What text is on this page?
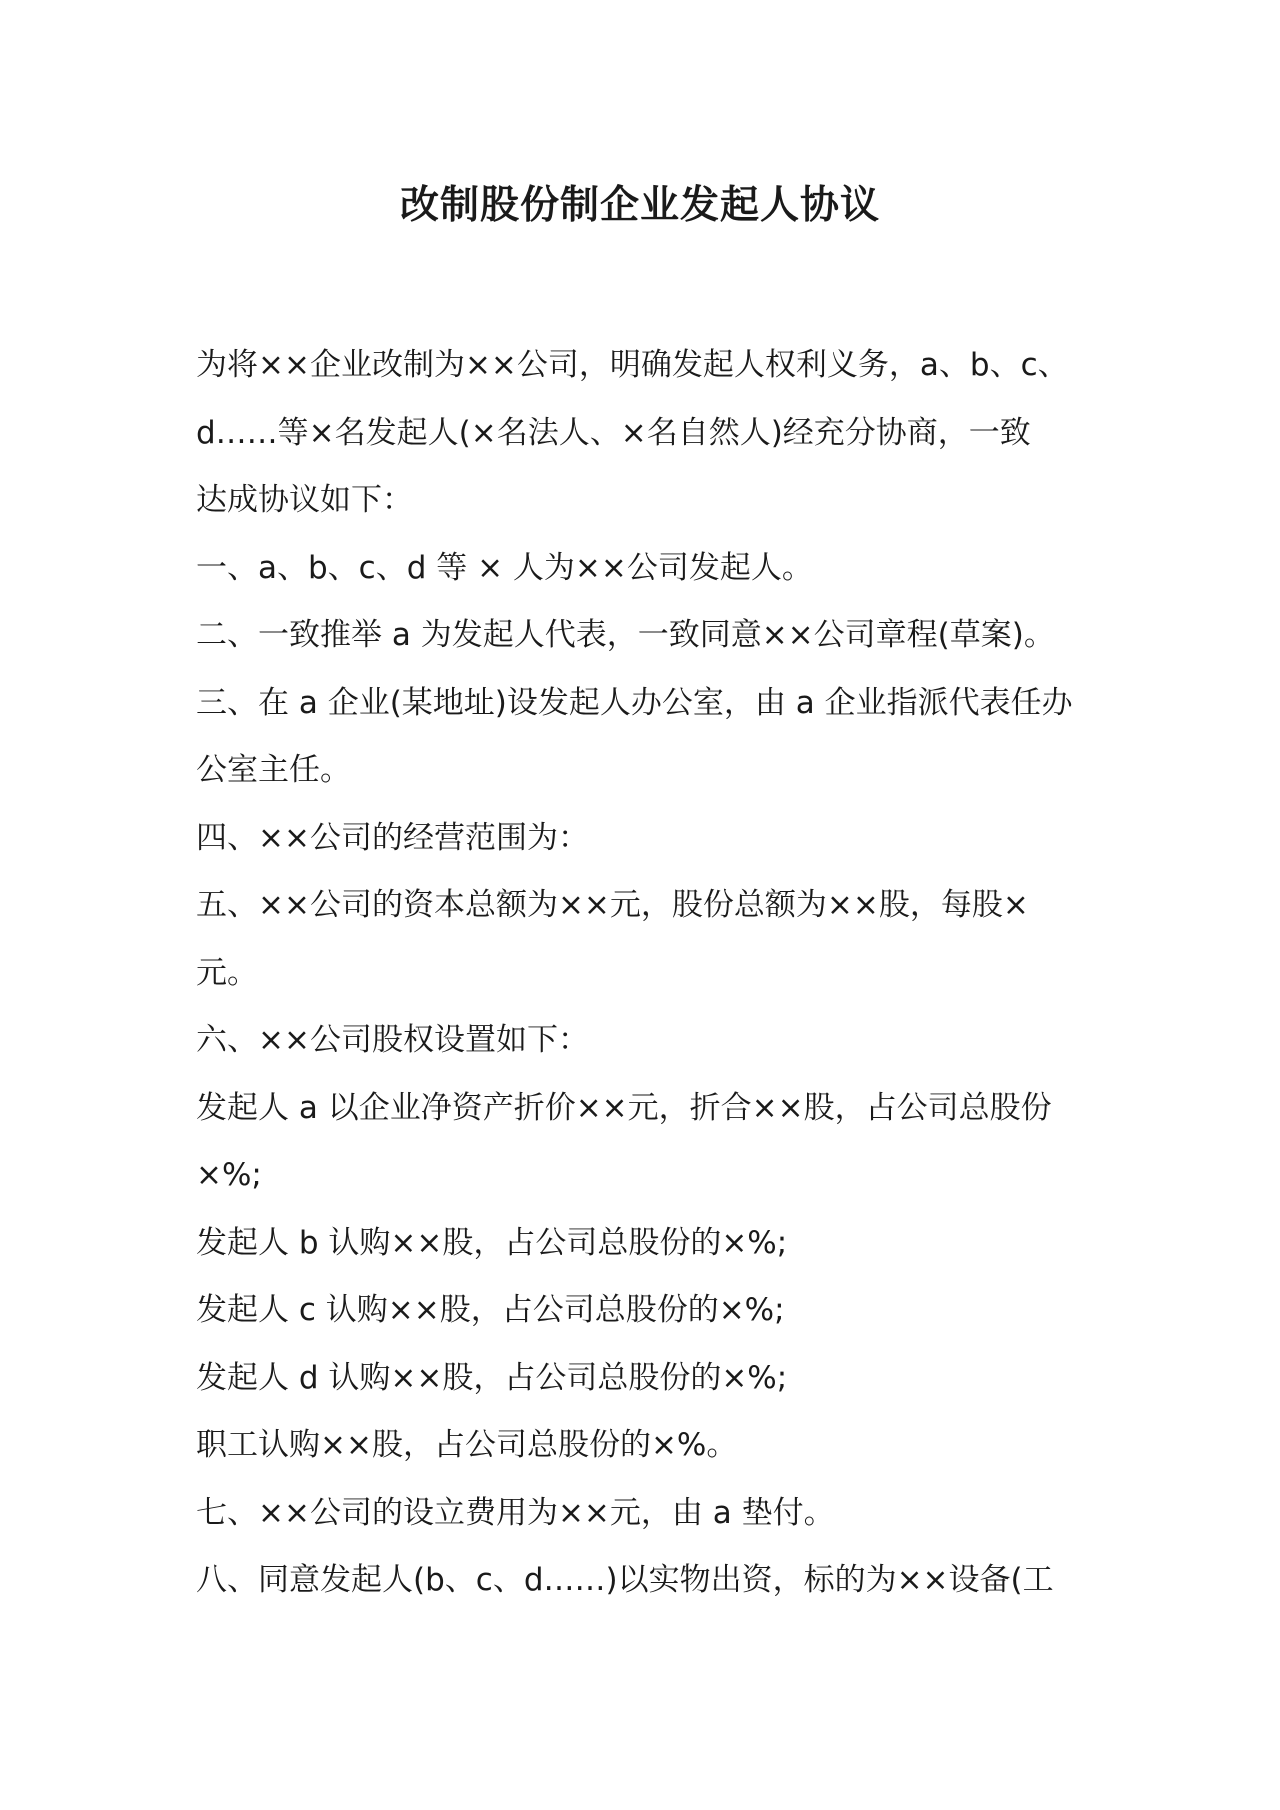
改制股份制企业发起人协议

为将××企业改制为××公司，明确发起人权利义务，a、b、c、

d……等×名发起人(×名法人、×名自然人)经充分协商，一致

达成协议如下：

一、a、b、c、d 等 × 人为××公司发起人。

二、一致推举 a 为发起人代表，一致同意××公司章程(草案)。

三、在 a 企业(某地址)设发起人办公室，由 a 企业指派代表任办

公室主任。

四、××公司的经营范围为：

五、××公司的资本总额为××元，股份总额为××股，每股×

元。

六、××公司股权设置如下：

发起人 a 以企业净资产折价××元，折合××股，占公司总股份

×%;

发起人 b 认购××股，占公司总股份的×%;

发起人 c 认购××股，占公司总股份的×%;

发起人 d 认购××股，占公司总股份的×%;

职工认购××股，占公司总股份的×%。

七、××公司的设立费用为××元，由 a 垫付。

八、同意发起人(b、c、d……)以实物出资，标的为××设备(工
